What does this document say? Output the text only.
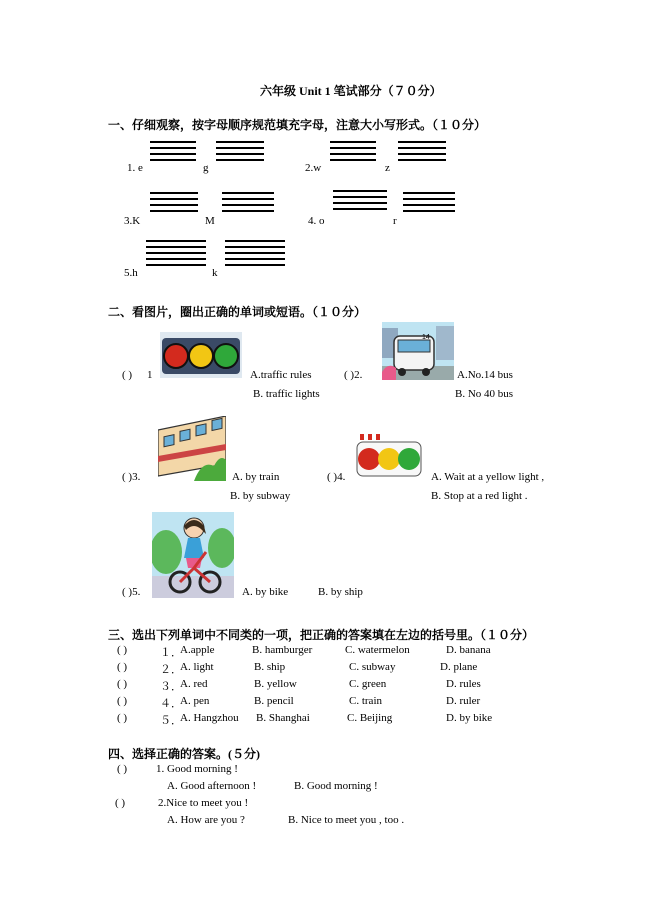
六年级 Unit 1 笔试部分（７０分）
一、仔细观察，按字母顺序规范填充字母，注意大小写形式。（１０分）
1. e	g	2.w	z
3.K	M	4. o	r
5.h	k
二、看图片，圈出正确的单词或短语。（１０分）
( ) 1	A.traffic rules
B. traffic lights
( )2.
14
A.No.14 bus
B. No 40 bus
( )3.	A. by train
B. by subway
( )4.	A. Wait at a yellow light ,
B. Stop at a red light .
( )5.	A. by bike	B. by ship
三、选出下列单词中不同类的一项，把正确的答案填在左边的括号里。（１０分）
( )	１．
A.apple	B. hamburger	C. watermelon	D. banana
( )	２．
A. light	B. ship	C. subway	D. plane
( )	３．
A. red	B. yellow	C. green	D. rules
( )	４．
A. pen	B. pencil	C. train	D. ruler
( )	５．
A. Hangzhou B. Shanghai	C. Beijing	D. by bike
四、选择正确的答案。(５分)
( )	1. Good morning !
A. Good afternoon !	B. Good morning !
( )	2.Nice to meet you !
A. How are you ?	B. Nice to meet you , too .
